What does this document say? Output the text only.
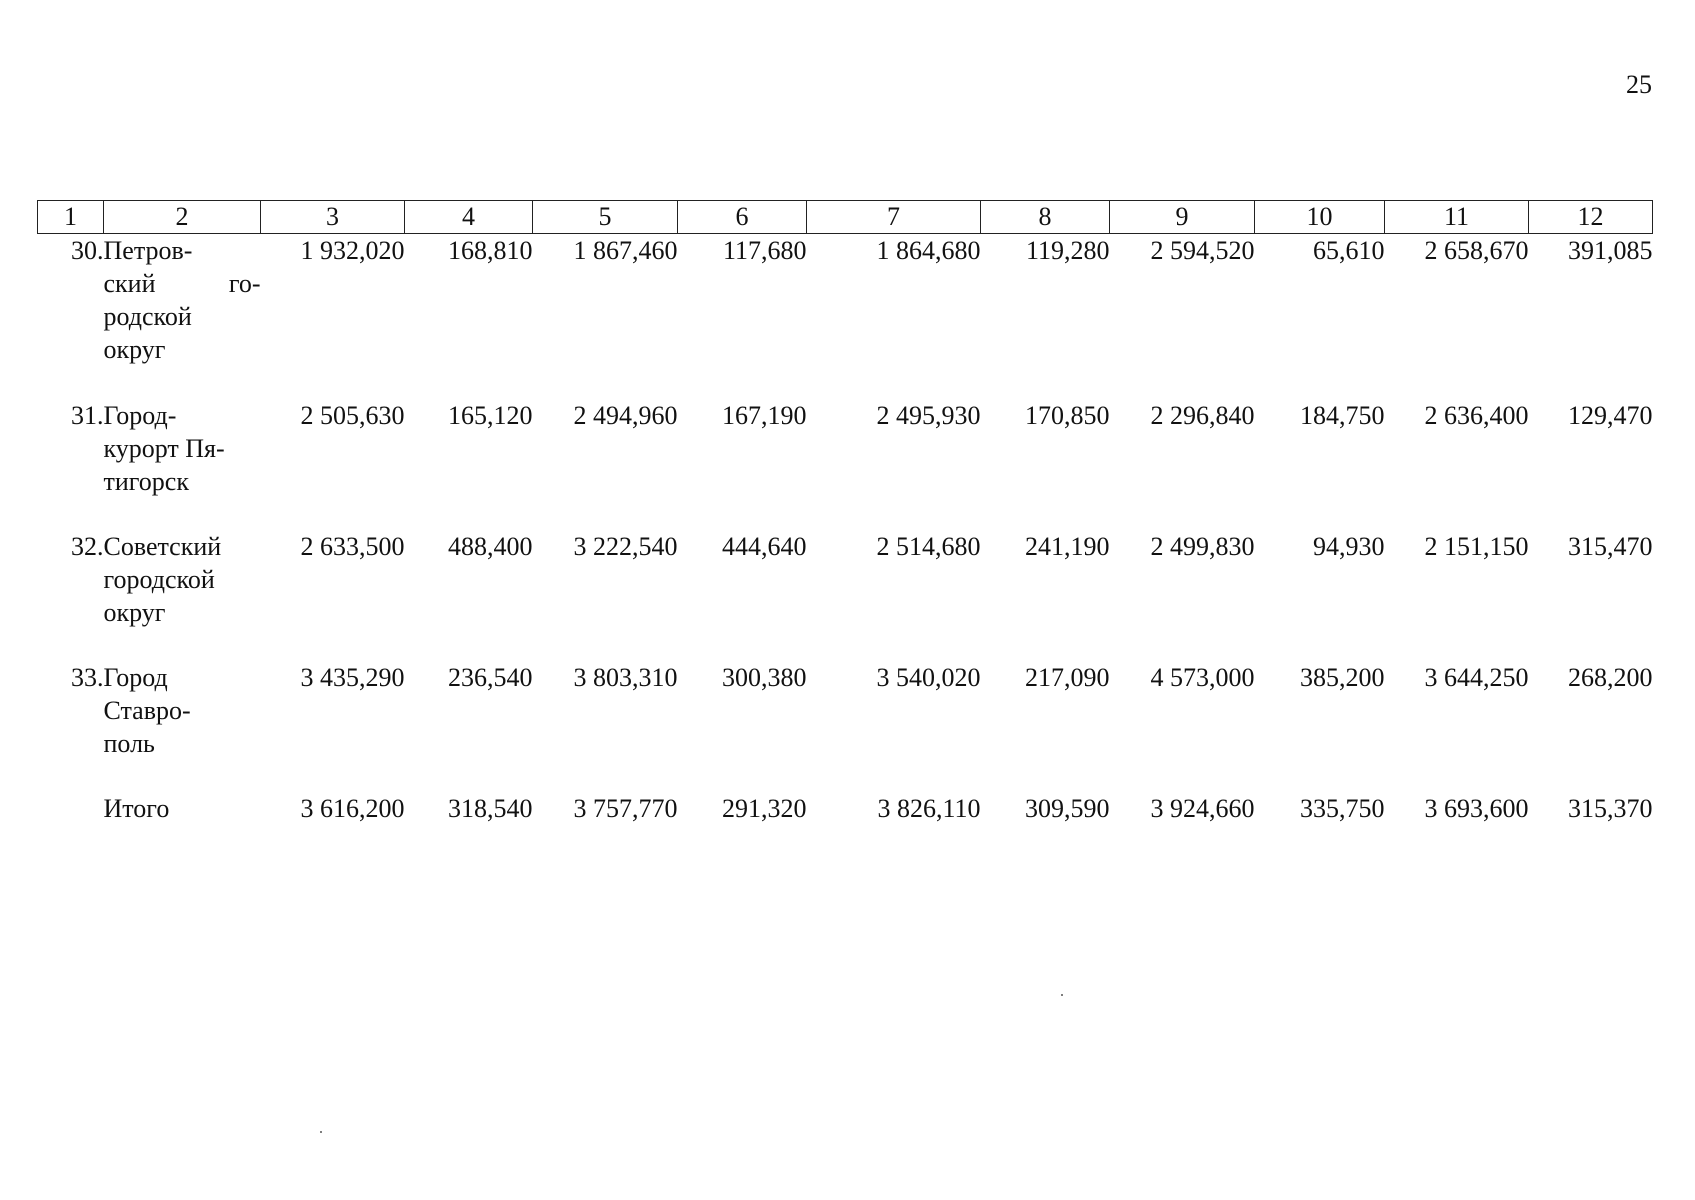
25
1	2	3	4	5	6	7	8	9	10	11	12
30.	Петров-
ский го-
родской
округ	1 932,020	168,810	1 867,460	117,680	1 864,680	119,280	2 594,520	65,610	2 658,670	391,085
31.	Город-
курорт Пя-
тигорск	2 505,630	165,120	2 494,960	167,190	2 495,930	170,850	2 296,840	184,750	2 636,400	129,470
32.	Советский
городской
округ	2 633,500	488,400	3 222,540	444,640	2 514,680	241,190	2 499,830	94,930	2 151,150	315,470
33.	Город
Ставро-
поль	3 435,290	236,540	3 803,310	300,380	3 540,020	217,090	4 573,000	385,200	3 644,250	268,200
	Итого	3 616,200	318,540	3 757,770	291,320	3 826,110	309,590	3 924,660	335,750	3 693,600	315,370
